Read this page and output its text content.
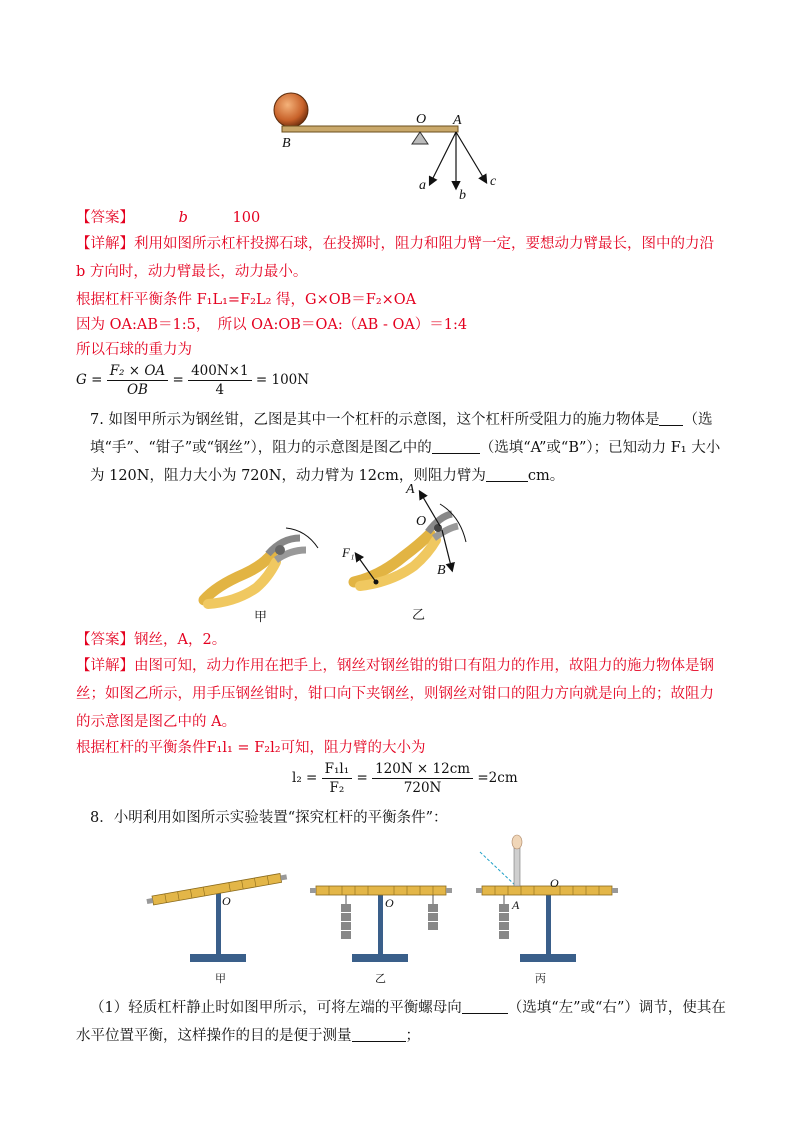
B
O A
a
b
c
【答案】	b	100
【详解】利用如图所示杠杆投掷石球，在投掷时，阻力和阻力臂一定，要想动力臂最长，图中的力沿 b 方向时，动力臂最长，动力最小。
根据杠杆平衡条件 F₁L₁=F₂L₂ 得，G×OB＝F₂×OA
因为 OA:AB＝1:5，　所以 OA:OB＝OA:（AB - OA）＝1:4
所以石球的重力为
$G = \frac{\text{F₂ × OA}}{OB} = \frac{400N\times 1}{4} = 100N$
7. 如图甲所示为钢丝钳，乙图是其中一个杠杆的示意图，这个杠杆所受阻力的施力物体是 （选填“手”、“钳子”或“钢丝”），阻力的示意图是图乙中的	（选填“A”或“B”）；已知动力 F₁ 大小为 120N，阻力大小为 720N，动力臂为 12cm，则阻力臂为	cm。
甲
A
O
B
F₁
乙
【答案】钢丝，A，2。
【详解】由图可知，动力作用在把手上，钢丝对钢丝钳的钳口有阻力的作用，故阻力的施力物体是钢丝；如图乙所示，用手压钢丝钳时，钳口向下夹钢丝，则钢丝对钳口的阻力方向就是向上的；故阻力的示意图是图乙中的 A。
根据杠杆的平衡条件F₁l₁ = F₂l₂可知，阻力臂的大小为
$l_2 = \frac{\text{F₁l₁}}{\text{F₂}} = \frac{120N \times 12cm}{720N} =2cm$
8．小明利用如图所示实验装置“探究杠杆的平衡条件”：
O
甲
O
乙
A
O
丙
（1）轻质杠杆静止时如图甲所示，可将左端的平衡螺母向	（选填“左”或“右”）调节，使其在水平位置平衡，这样操作的目的是便于测量	；
